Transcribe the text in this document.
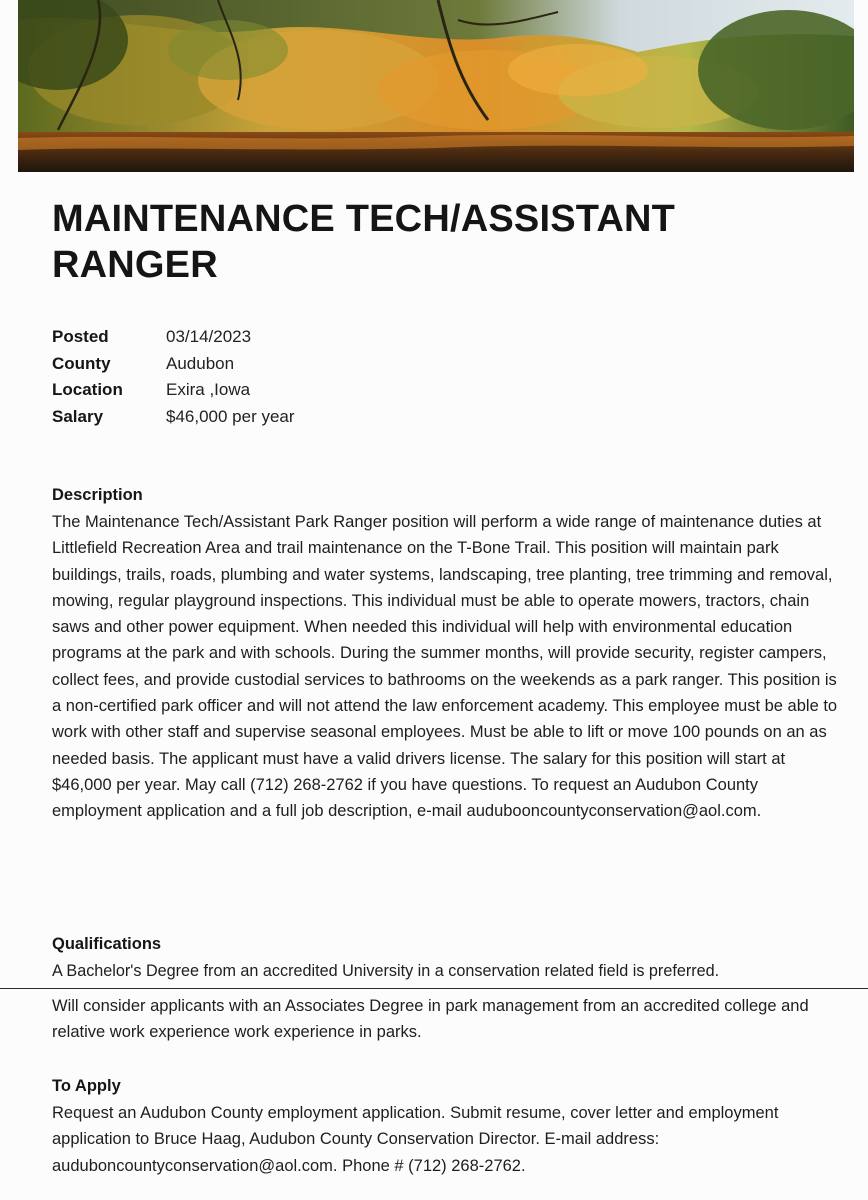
MAINTENANCE TECH/ASSISTANT
RANGER
Posted	03/14/2023
County	Audubon
Location	Exira ,Iowa
Salary	$46,000 per year
Description

The Maintenance Tech/Assistant Park Ranger position will perform a wide range of maintenance duties at Littlefield Recreation Area and trail maintenance on the T-Bone Trail. This position will maintain park buildings, trails, roads, plumbing and water systems, landscaping, tree planting, tree trimming and removal, mowing, regular playground inspections. This individual must be able to operate mowers, tractors, chain saws and other power equipment. When needed this individual will help with environmental education programs at the park and with schools. During the summer months, will provide security, register campers, collect fees, and provide custodial services to bathrooms on the weekends as a park ranger. This position is a non-certified park officer and will not attend the law enforcement academy. This employee must be able to work with other staff and supervise seasonal employees. Must be able to lift or move 100 pounds on an as needed basis. The applicant must have a valid drivers license. The salary for this position will start at $46,000 per year. May call (712) 268-2762 if you have questions. To request an Audubon County employment application and a full job description, e-mail audubooncountyconservation@aol.com.

Qualifications

A Bachelor's Degree from an accredited University in a conservation related field is preferred.

Will consider applicants with an Associates Degree in park management from an accredited college and relative work experience work experience in parks.

To Apply

Request an Audubon County employment application. Submit resume, cover letter and employment application to Bruce Haag, Audubon County Conservation Director. E-mail address: auduboncountyconservation@aol.com. Phone # (712) 268-2762.
